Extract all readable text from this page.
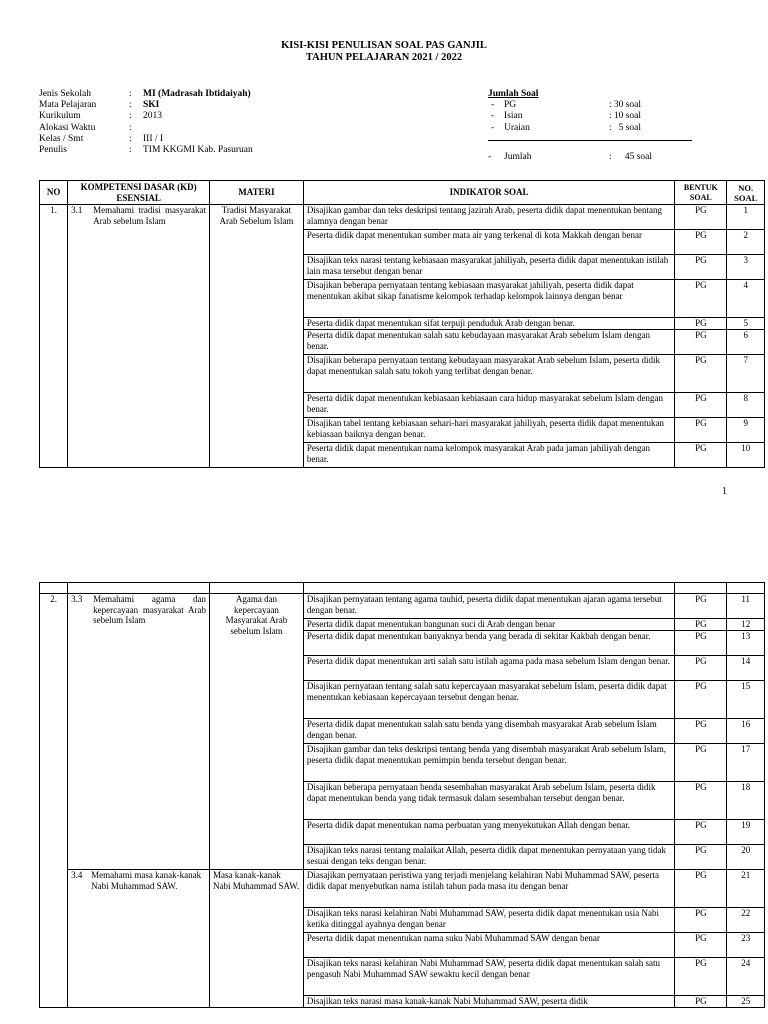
KISI-KISI PENULISAN SOAL PAS GANJIL
TAHUN PELAJARAN 2021 / 2022
Jenis Sekolah	: MI (Madrasah Ibtidaiyah)
Mata Pelajaran	: SKI
Kurikulum	: 2013
Alokasi Waktu	:
Kelas / Smt	: III / I
Penulis	: TIM KKGMI Kab. Pasuruan
Jumlah Soal
- PG	: 30 soal
- Isian	: 10 soal
- Uraian	: 5 soal
- Jumlah	: 45 soal
NO	KOMPETENSI DASAR (KD) ESENSIAL	MATERI	INDIKATOR SOAL	BENTUK SOAL	NO. SOAL
1.	3.1 Memahami tradisi masyarakat Arab sebelum Islam	Tradisi Masyarakat Arab Sebelum Islam	Disajikan gambar dan teks deskripsi tentang jazirah Arab, peserta didik dapat menentukan bentang alamnya dengan benar	PG	1
			Peserta didik dapat menentukan sumber mata air yang terkenal di kota Makkah dengan benar	PG	2
			Disajikan teks narasi tentang kebiasaan masyarakat jahiliyah, peserta didik dapat menentukan istilah lain masa tersebut dengan benar	PG	3
			Disajikan beberapa pernyataan tentang kebiasaan masyarakat jahiliyah, peserta didik dapat menentukan akibat sikap fanatisme kelompok terhadap kelompok lainnya dengan benar	PG	4
			Peserta didik dapat menentukan sifat terpuji penduduk Arab dengan benar.	PG	5
			Peserta didik dapat menentukan salah satu kebudayaan masyarakat Arab sebelum Islam dengan benar.	PG	6
			Disajikan beberapa pernyataan tentang kebudayaan masyarakat Arab sebelum Islam, peserta didik dapat menentukan salah satu tokoh yang terlibat dengan benar.	PG	7
			Peserta didik dapat menentukan kebiasaan kebiasaan cara hidup masyarakat sebelum Islam dengan benar.	PG	8
			Disajikan tabel tentang kebiasaan sehari-hari masyarakat jahiliyah, peserta didik dapat menentukan kebiasaan baiknya dengan benar.	PG	9
			Peserta didik dapat menentukan nama kelompok masyarakat Arab pada jaman jahiliyah dengan benar.	PG	10
1

2.	3.3 Memahami agama dan kepercayaan masyarakat Arab sebelum Islam	Agama dan kepercayaan Masyarakat Arab sebelum Islam	Disajikan pernyataan tentang agama tauhid, peserta didik dapat menentukan ajaran agama tersebut dengan benar.	PG	11
			Peserta didik dapat menentukan bangunan suci di Arab dengan benar	PG	12
			Peserta didik dapat menentukan banyaknya benda yang berada di sekitar Kakbah dengan benar.	PG	13
			Peserta didik dapat menentukan arti salah satu istilah agama pada masa sebelum Islam dengan benar.	PG	14
			Disajikan pernyataan tentang salah satu kepercayaan masyarakat sebelum Islam, peserta didik dapat menentukan kebiasaan kepercayaan tersebut dengan benar.	PG	15
			Peserta didik dapat menentukan salah satu benda yang disembah masyarakat Arab sebelum Islam dengan benar.	PG	16
			Disajikan gambar dan teks deskripsi tentang benda yang disembah masyarakat Arab sebelum Islam, peserta didik dapat menentukan pemimpin benda tersebut dengan benar.	PG	17
			Disajikan beberapa pernyataan benda sesembahan masyarakat Arab sebelum Islam, peserta didik dapat menentukan benda yang tidak termasuk dalam sesembahan tersebut dengan benar.	PG	18
			Peserta didik dapat menentukan nama perbuatan yang menyekutukan Allah dengan benar.	PG	19
			Disajikan teks narasi tentang malaikat Allah, peserta didik dapat menentukan pernyataan yang tidak sesuai dengan teks dengan benar.	PG	20

	3.4 Memahami masa kanak-kanak Nabi Muhammad SAW.	Masa kanak-kanak Nabi Muhammad SAW.	Diasajikan pernyataan peristiwa yang terjadi menjelang kelahiran Nabi Muhammad SAW, peserta didik dapat menyebutkan nama istilah tahun pada masa itu dengan benar	PG	21
			Disajikan teks narasi kelahiran Nabi Muhammad SAW, peserta didik dapat menentukan usia Nabi ketika ditinggal ayahnya dengan benar	PG	22
			Peserta didik dapat menentukan nama suku Nabi Muhammad SAW dengan benar	PG	23
			Disajikan teks narasi kelahiran Nabi Muhammad SAW, peserta didik dapat menentukan salah satu pengasuh Nabi Muhammad SAW sewaktu kecil dengan benar	PG	24
			Disajikan teks narasi masa kanak-kanak Nabi Muhammad SAW, peserta didik	PG	25
